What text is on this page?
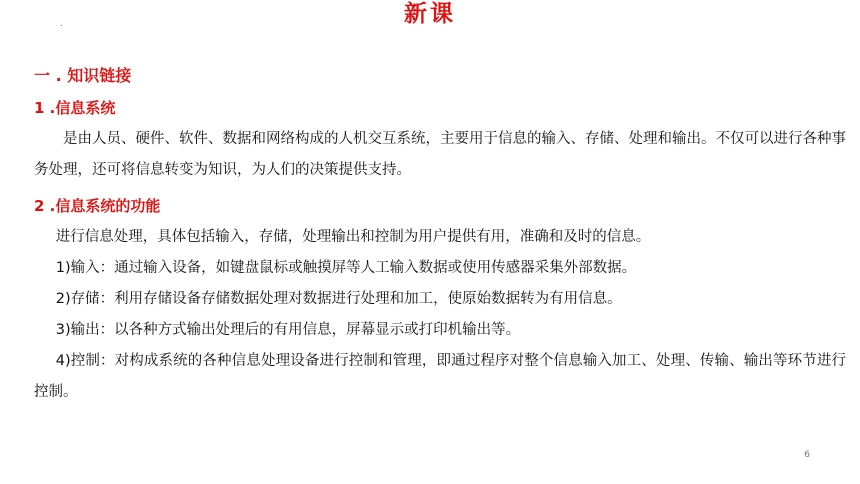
新课
.
一 . 知识链接
1 .信息系统

是由人员、硬件、软件、数据和网络构成的人机交互系统，主要用于信息的输入、存储、处理和输出。不仅可以进行各种事务处理，还可将信息转变为知识，为人们的决策提供支持。

2 .信息系统的功能

进行信息处理，具体包括输入，存储，处理输出和控制为用户提供有用，准确和及时的信息。

1)输入：通过输入设备，如键盘鼠标或触摸屏等人工输入数据或使用传感器采集外部数据。

2)存储：利用存储设备存储数据处理对数据进行处理和加工，使原始数据转为有用信息。

3)输出：以各种方式输出处理后的有用信息，屏幕显示或打印机输出等。

4)控制：对构成系统的各种信息处理设备进行控制和管理，即通过程序对整个信息输入加工、处理、传输、输出等环节进行控制。

6
